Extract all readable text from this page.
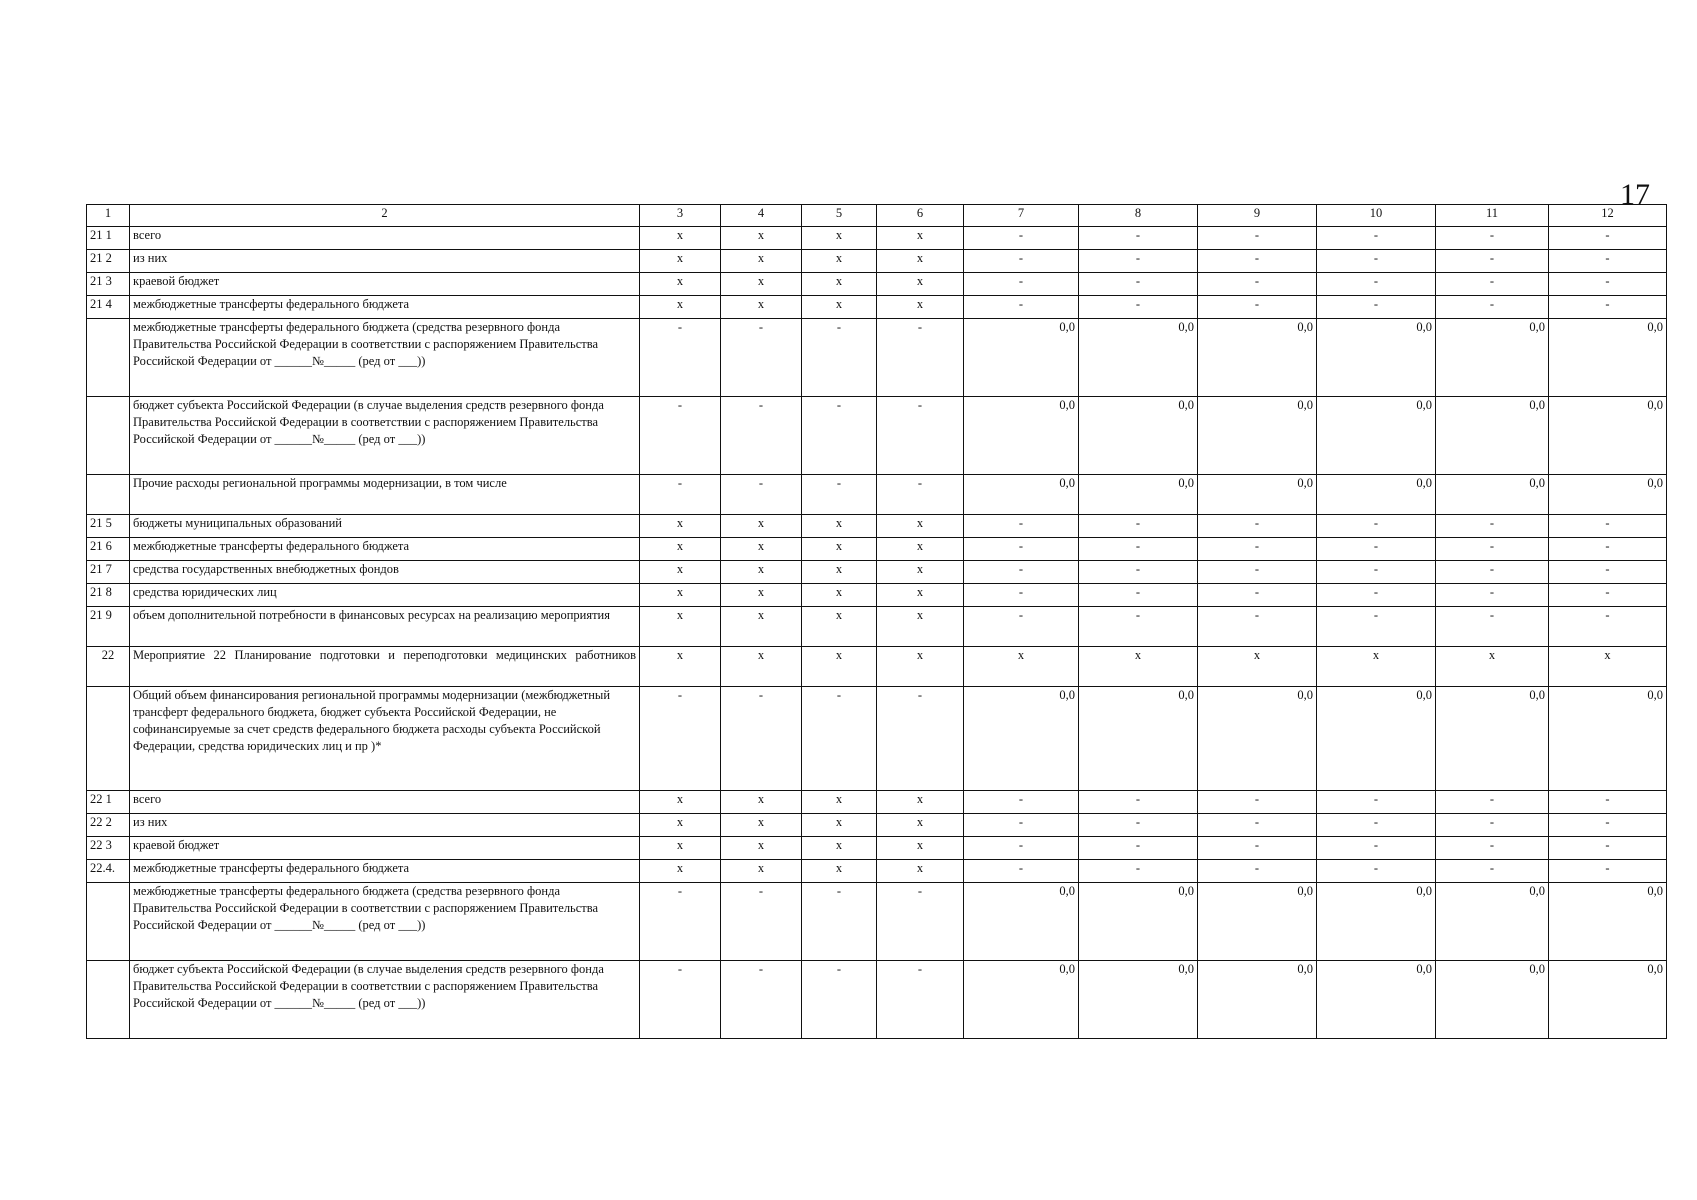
17
1	2	3	4	5	6	7	8	9	10	11	12
21 1	всего	x	x	x	x	-	-	-	-	-	-
21 2	из них	x	x	x	x	-	-	-	-	-	-
21 3	краевой бюджет	x	x	x	x	-	-	-	-	-	-
21 4	межбюджетные трансферты федерального бюджета	x	x	x	x	-	-	-	-	-	-
	межбюджетные трансферты федерального бюджета (средства резервного фонда Правительства Российской Федерации в соответствии с распоряжением Правительства Российской Федерации от ______№_____ (ред от ___))	-	-	-	-	0,0	0,0	0,0	0,0	0,0	0,0
	бюджет субъекта Российской Федерации (в случае выделения средств резервного фонда Правительства Российской Федерации в соответствии с распоряжением Правительства Российской Федерации от ______№_____ (ред от ___))	-	-	-	-	0,0	0,0	0,0	0,0	0,0	0,0
	Прочие расходы региональной программы модернизации, в том числе	-	-	-	-	0,0	0,0	0,0	0,0	0,0	0,0
21 5	бюджеты муниципальных образований	x	x	x	x	-	-	-	-	-	-
21 6	межбюджетные трансферты федерального бюджета	x	x	x	x	-	-	-	-	-	-
21 7	средства государственных внебюджетных фондов	x	x	x	x	-	-	-	-	-	-
21 8	средства юридических лиц	x	x	x	x	-	-	-	-	-	-
21 9	объем дополнительной потребности в финансовых ресурсах на реализацию мероприятия	x	x	x	x	-	-	-	-	-	-
22	Мероприятие 22 Планирование подготовки и переподготовки медицинских работников	x	x	x	x	x	x	x	x	x	x
	Общий объем финансирования региональной программы модернизации (межбюджетный трансферт федерального бюджета, бюджет субъекта Российской Федерации, не софинансируемые за счет средств федерального бюджета расходы субъекта Российской Федерации, средства юридических лиц и пр )*	-	-	-	-	0,0	0,0	0,0	0,0	0,0	0,0
22 1	всего	x	x	x	x	-	-	-	-	-	-
22 2	из них	x	x	x	x	-	-	-	-	-	-
22 3	краевой бюджет	x	x	x	x	-	-	-	-	-	-
22.4.	межбюджетные трансферты федерального бюджета	x	x	x	x	-	-	-	-	-	-
	межбюджетные трансферты федерального бюджета (средства резервного фонда Правительства Российской Федерации в соответствии с распоряжением Правительства Российской Федерации от ______№_____ (ред от ___))	-	-	-	-	0,0	0,0	0,0	0,0	0,0	0,0
	бюджет субъекта Российской Федерации (в случае выделения средств резервного фонда Правительства Российской Федерации в соответствии с распоряжением Правительства Российской Федерации от ______№_____ (ред от ___))	-	-	-	-	0,0	0,0	0,0	0,0	0,0	0,0
